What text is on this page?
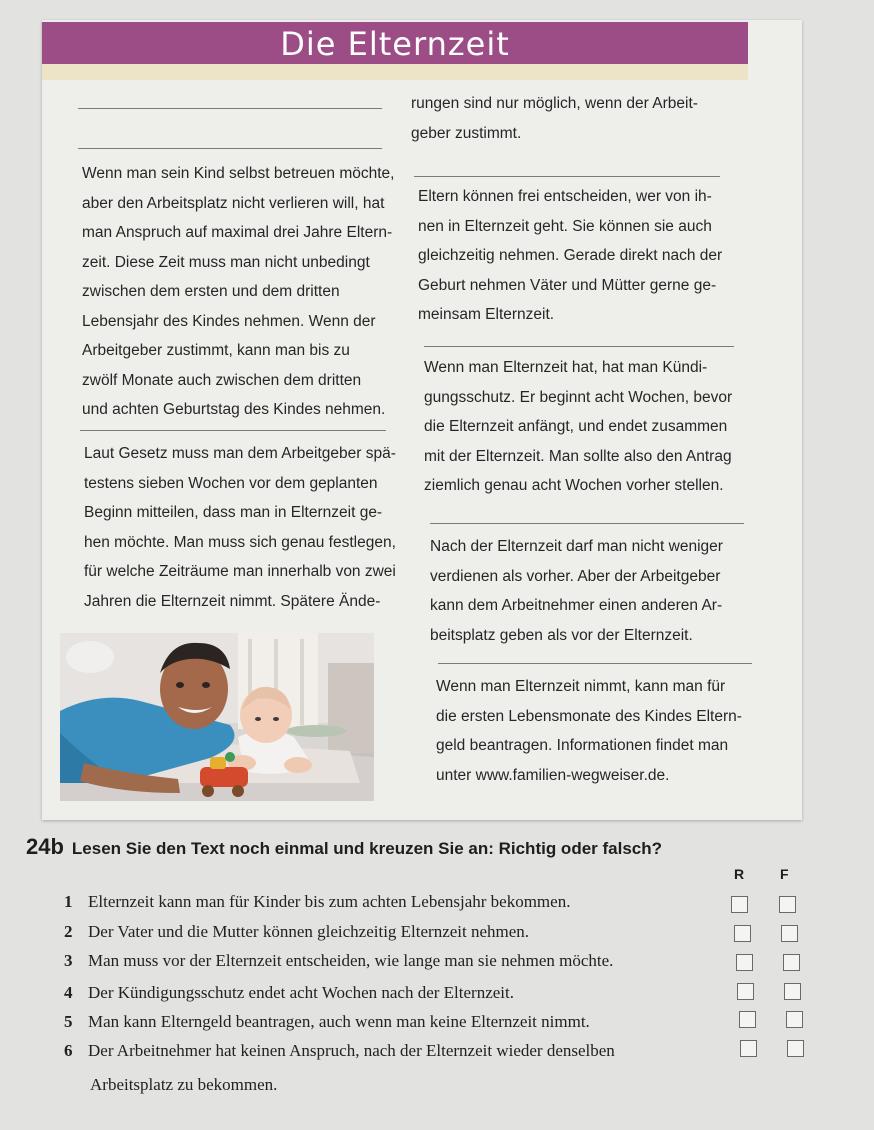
Die Elternzeit

Wenn man sein Kind selbst betreuen möchte,

aber den Arbeitsplatz nicht verlieren will, hat

man Anspruch auf maximal drei Jahre Eltern-

zeit. Diese Zeit muss man nicht unbedingt

zwischen dem ersten und dem dritten

Lebensjahr des Kindes nehmen. Wenn der

Arbeitgeber zustimmt, kann man bis zu

zwölf Monate auch zwischen dem dritten

und achten Geburtstag des Kindes nehmen.

Laut Gesetz muss man dem Arbeitgeber spä-

testens sieben Wochen vor dem geplanten

Beginn mitteilen, dass man in Elternzeit ge-

hen möchte. Man muss sich genau festlegen,

für welche Zeiträume man innerhalb von zwei

Jahren die Elternzeit nimmt. Spätere Ände-

rungen sind nur möglich, wenn der Arbeit-

geber zustimmt.

Eltern können frei entscheiden, wer von ih-

nen in Elternzeit geht. Sie können sie auch

gleichzeitig nehmen. Gerade direkt nach der

Geburt nehmen Väter und Mütter gerne ge-

meinsam Elternzeit.

Wenn man Elternzeit hat, hat man Kündi-

gungsschutz. Er beginnt acht Wochen, bevor

die Elternzeit anfängt, und endet zusammen

mit der Elternzeit. Man sollte also den Antrag

ziemlich genau acht Wochen vorher stellen.

Nach der Elternzeit darf man nicht weniger

verdienen als vorher. Aber der Arbeitgeber

kann dem Arbeitnehmer einen anderen Ar-

beitsplatz geben als vor der Elternzeit.

Wenn man Elternzeit nimmt, kann man für

die ersten Lebensmonate des Kindes Eltern-

geld beantragen. Informationen findet man

unter www.familien-wegweiser.de.

24b Lesen Sie den Text noch einmal und kreuzen Sie an: Richtig oder falsch?
R	F
1 Elternzeit kann man für Kinder bis zum achten Lebensjahr bekommen.
2 Der Vater und die Mutter können gleichzeitig Elternzeit nehmen.
3 Man muss vor der Elternzeit entscheiden, wie lange man sie nehmen möchte.
4 Der Kündigungsschutz endet acht Wochen nach der Elternzeit.
5 Man kann Elterngeld beantragen, auch wenn man keine Elternzeit nimmt.
6 Der Arbeitnehmer hat keinen Anspruch, nach der Elternzeit wieder denselben
Arbeitsplatz zu bekommen.
